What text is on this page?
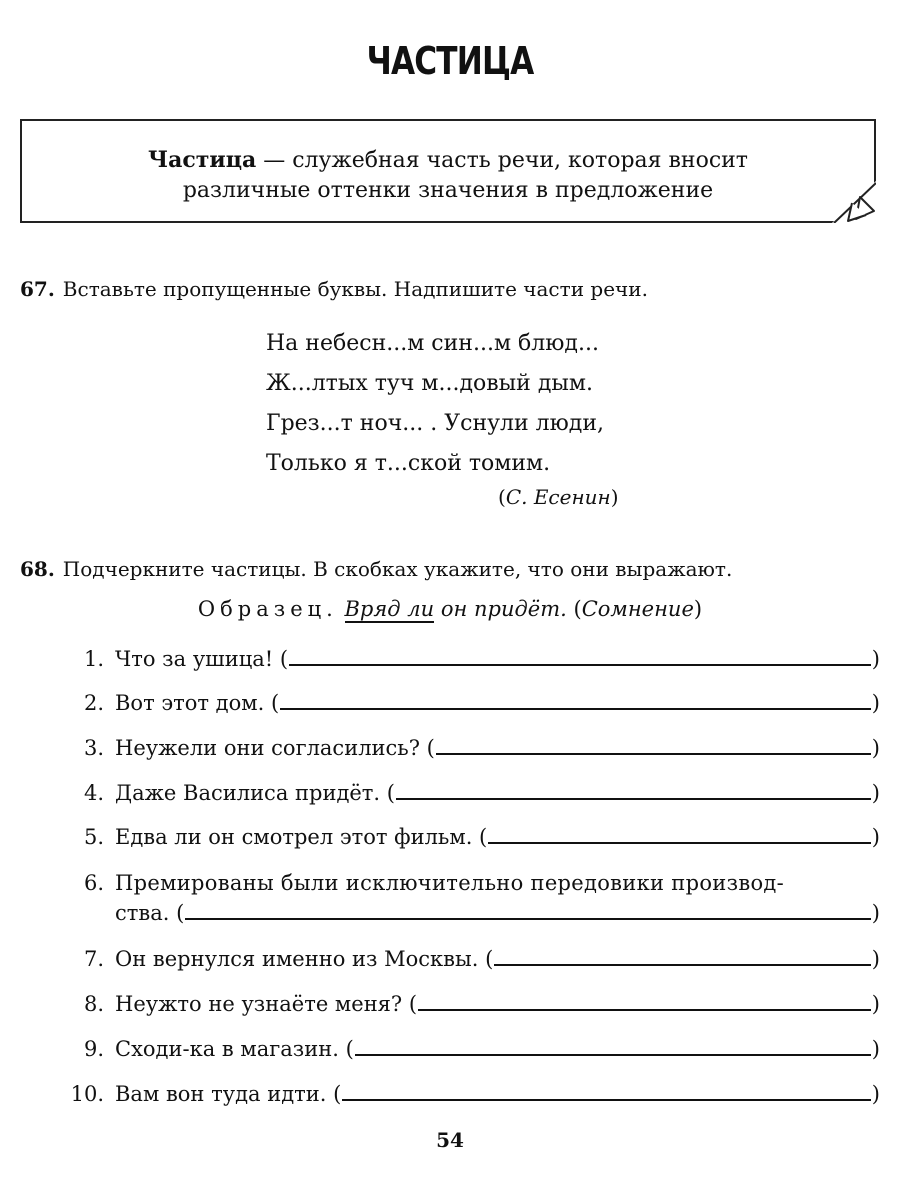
ЧАСТИЦА
Частица — служебная часть речи, которая вносит
различные оттенки значения в предложение
67. Вставьте пропущенные буквы. Надпишите части речи.
На небесн...м син...м блюд...
Ж...лтых туч м...довый дым.
Грез...т ноч... . Уснули люди,
Только я т...ской томим.
(С. Есенин)
68. Подчеркните частицы. В скобках укажите, что они выражают.
Образец. Вряд ли он придёт. (Сомнение)
1. Что за ушица! (	)
2. Вот этот дом. (	)
3. Неужели они согласились? (	)
4. Даже Василиса придёт. (	)
5. Едва ли он смотрел этот фильм. (	)
6. Премированы были исключительно передовики производ-
ства. (	)
7. Он вернулся именно из Москвы. (	)
8. Неужто не узнаёте меня? (	)
9. Сходи-ка в магазин. (	)
10. Вам вон туда идти. (	)
54
